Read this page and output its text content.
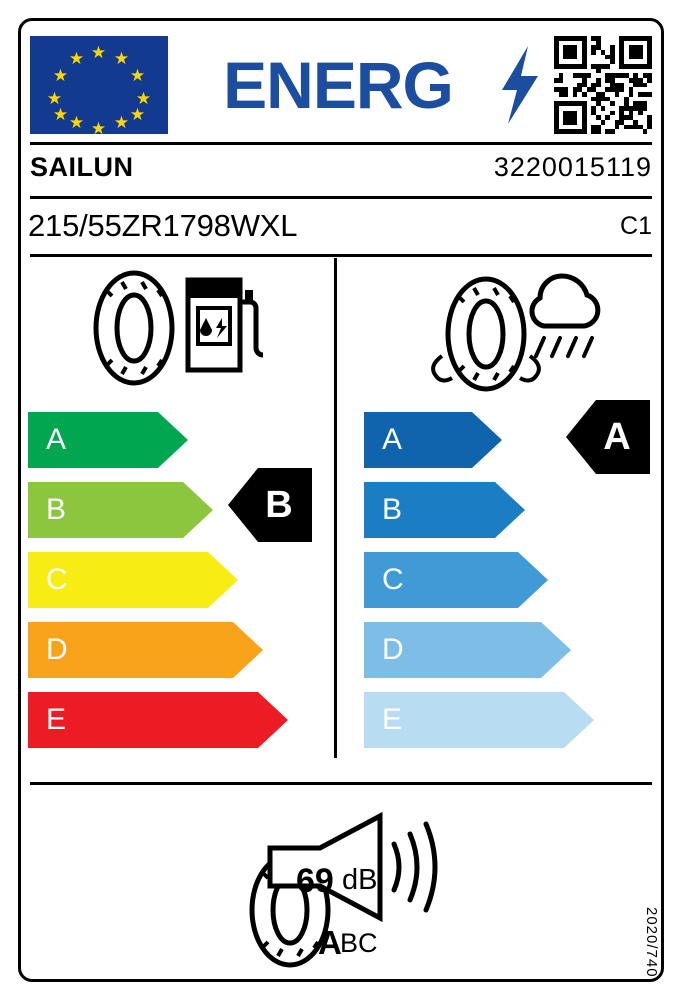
★ ★
★
★
★
★
★
★
★
★
★
★	ENERG
SAILUN	3220015119
215/55ZR1798WXL	C1
A
B
C
D
E
B
A
B
C
D
E
A
69 dB
A
BC	2020/740
